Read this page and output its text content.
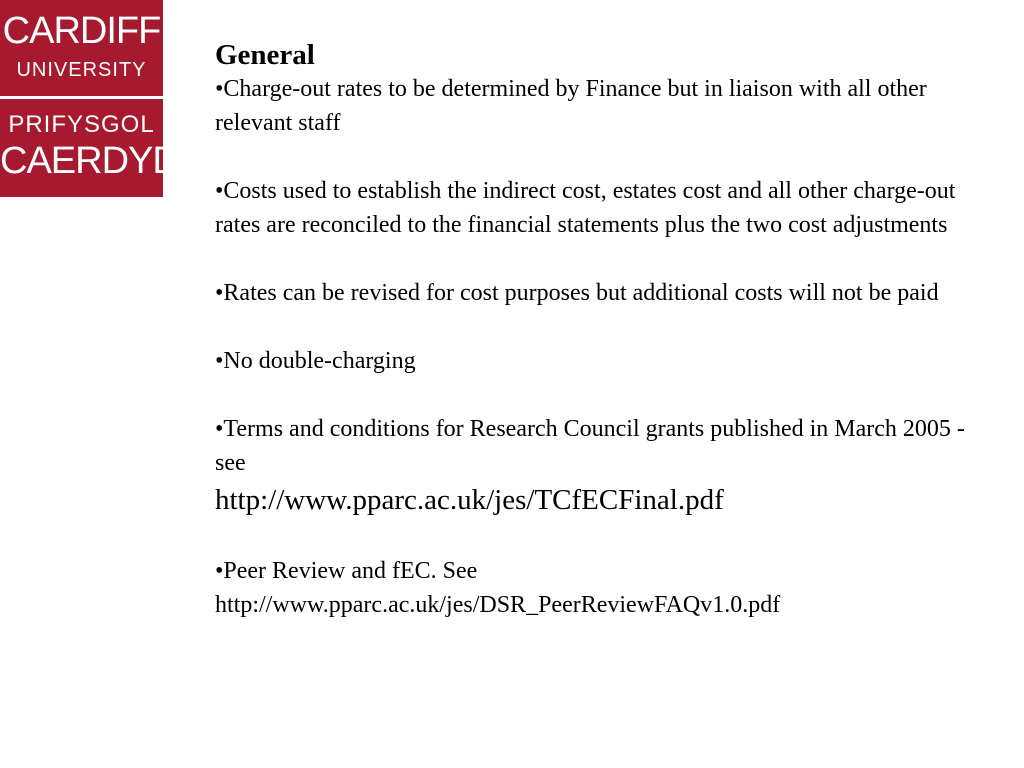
CARDIFF
UNIVERSITY
PRIFYSGOL
CAERDYDD

General

•Charge-out rates to be determined by Finance but in liaison with all other relevant staff

•Costs used to establish the indirect cost, estates cost and all other charge-out rates are reconciled to the financial statements plus the two cost adjustments

•Rates can be revised for cost purposes but additional costs will not be paid

•No double-charging

•Terms and conditions for Research Council grants published in March 2005 - see
http://www.pparc.ac.uk/jes/TCfECFinal.pdf

•Peer Review and fEC. See
http://www.pparc.ac.uk/jes/DSR_PeerReviewFAQv1.0.pdf
